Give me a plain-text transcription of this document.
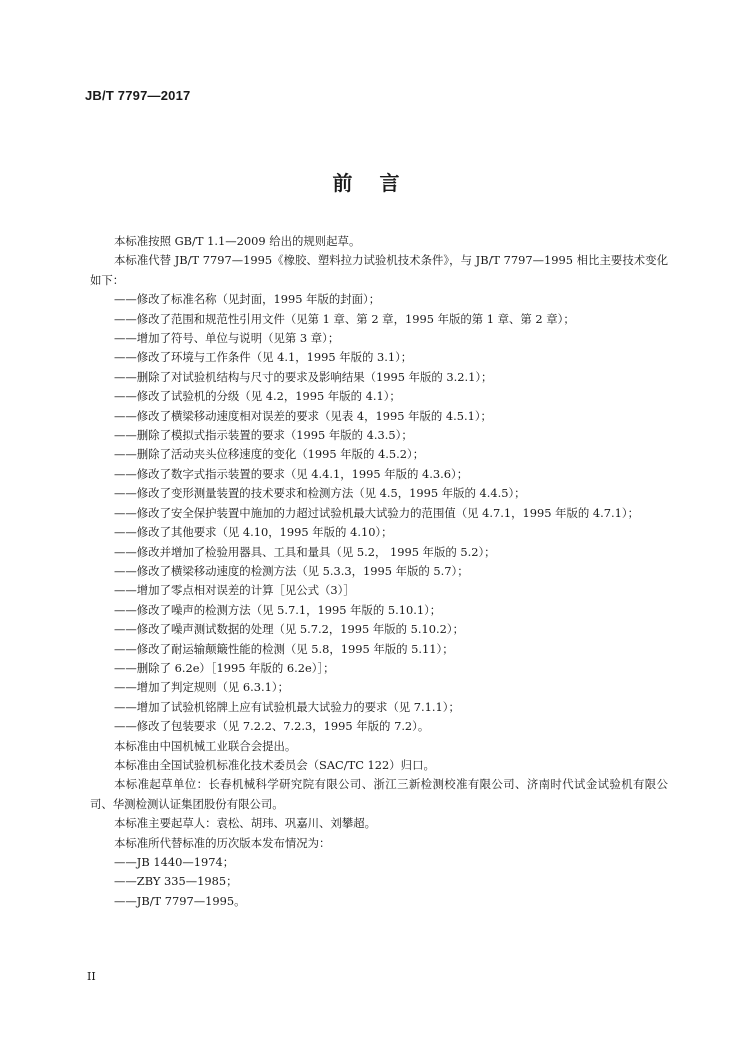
JB/T 7797—2017
前 言

本标准按照 GB/T 1.1—2009 给出的规则起草。

本标准代替 JB/T 7797—1995《橡胶、塑料拉力试验机技术条件》，与 JB/T 7797—1995 相比主要技术变化如下：

——修改了标准名称（见封面，1995 年版的封面）；

——修改了范围和规范性引用文件（见第 1 章、第 2 章，1995 年版的第 1 章、第 2 章）；

——增加了符号、单位与说明（见第 3 章）；

——修改了环境与工作条件（见 4.1，1995 年版的 3.1）；

——删除了对试验机结构与尺寸的要求及影响结果（1995 年版的 3.2.1）；

——修改了试验机的分级（见 4.2，1995 年版的 4.1）；

——修改了横梁移动速度相对误差的要求（见表 4，1995 年版的 4.5.1）；

——删除了模拟式指示装置的要求（1995 年版的 4.3.5）；

——删除了活动夹头位移速度的变化（1995 年版的 4.5.2）；

——修改了数字式指示装置的要求（见 4.4.1，1995 年版的 4.3.6）；

——修改了变形测量装置的技术要求和检测方法（见 4.5，1995 年版的 4.4.5）；

——修改了安全保护装置中施加的力超过试验机最大试验力的范围值（见 4.7.1，1995 年版的 4.7.1）；

——修改了其他要求（见 4.10，1995 年版的 4.10）；

——修改并增加了检验用器具、工具和量具（见 5.2， 1995 年版的 5.2）；

——修改了横梁移动速度的检测方法（见 5.3.3，1995 年版的 5.7）；

——增加了零点相对误差的计算［见公式（3）］

——修改了噪声的检测方法（见 5.7.1，1995 年版的 5.10.1）；

——修改了噪声测试数据的处理（见 5.7.2，1995 年版的 5.10.2）；

——修改了耐运输颠簸性能的检测（见 5.8，1995 年版的 5.11）；

——删除了 6.2e）［1995 年版的 6.2e）］；

——增加了判定规则（见 6.3.1）；

——增加了试验机铭牌上应有试验机最大试验力的要求（见 7.1.1）；

——修改了包装要求（见 7.2.2、7.2.3，1995 年版的 7.2）。

本标准由中国机械工业联合会提出。

本标准由全国试验机标准化技术委员会（SAC/TC 122）归口。

本标准起草单位：长春机械科学研究院有限公司、浙江三新检测校准有限公司、济南时代试金试验机有限公司、华测检测认证集团股份有限公司。

本标准主要起草人：袁松、胡玮、巩嘉川、刘攀超。

本标准所代替标准的历次版本发布情况为：

——JB 1440—1974；

——ZBY 335—1985；

——JB/T 7797—1995。

II
